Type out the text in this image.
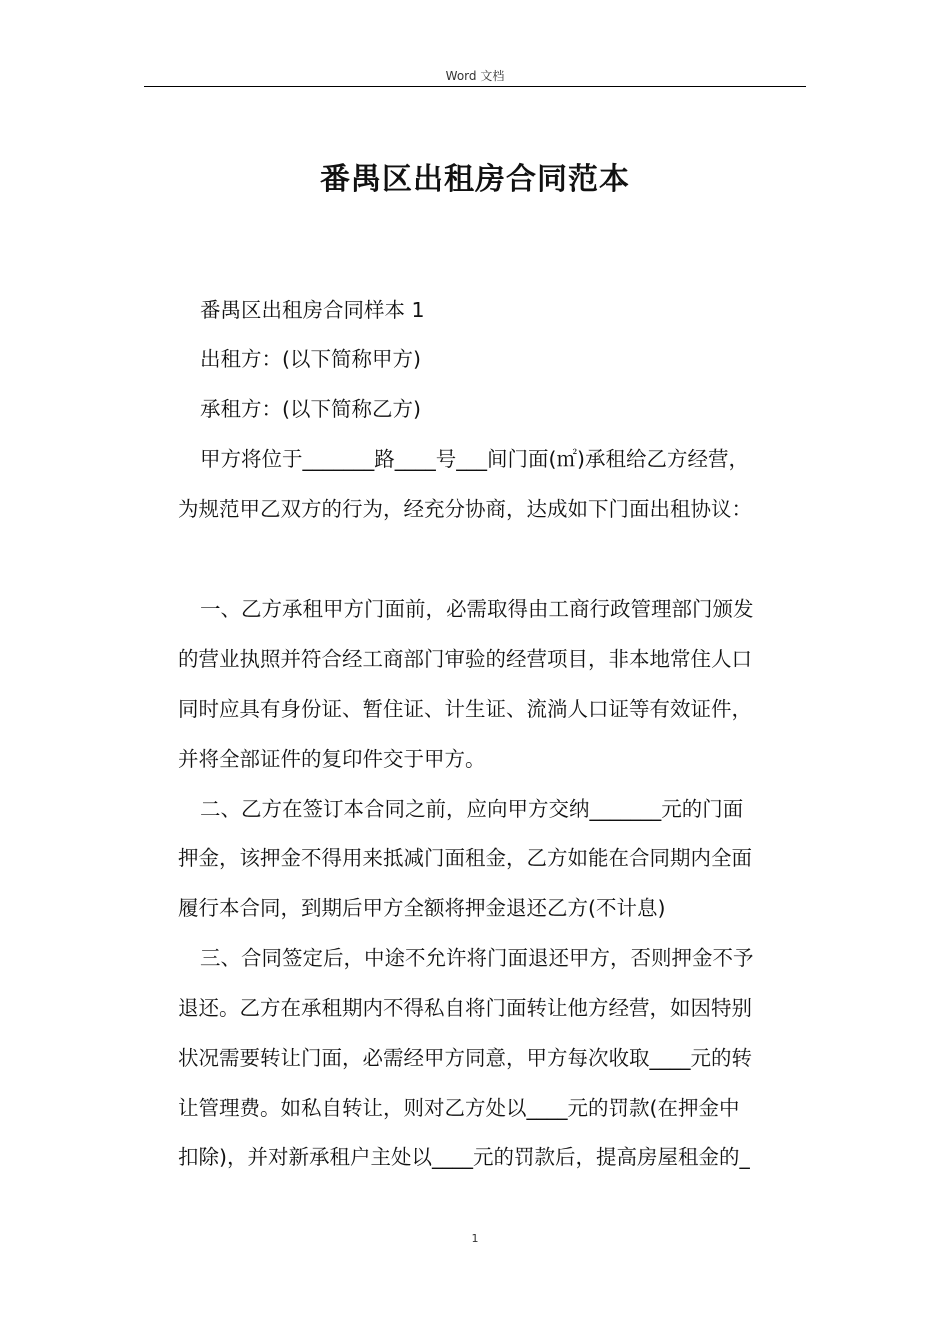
Word 文档
番禺区出租房合同范本
番禺区出租房合同样本 1
出租方：(以下简称甲方)
承租方：(以下简称乙方)
甲方将位于_______路____号___间门面(㎡)承租给乙方经营，
为规范甲乙双方的行为，经充分协商，达成如下门面出租协议：
一、乙方承租甲方门面前，必需取得由工商行政管理部门颁发
的营业执照并符合经工商部门审验的经营项目，非本地常住人口
同时应具有身份证、暂住证、计生证、流淌人口证等有效证件，
并将全部证件的复印件交于甲方。
二、乙方在签订本合同之前，应向甲方交纳_______元的门面
押金，该押金不得用来抵减门面租金，乙方如能在合同期内全面
履行本合同，到期后甲方全额将押金退还乙方(不计息)
三、合同签定后，中途不允许将门面退还甲方，否则押金不予
退还。乙方在承租期内不得私自将门面转让他方经营，如因特别
状况需要转让门面，必需经甲方同意，甲方每次收取____元的转
让管理费。如私自转让，则对乙方处以____元的罚款(在押金中
扣除)，并对新承租户主处以____元的罚款后，提高房屋租金的_
1
